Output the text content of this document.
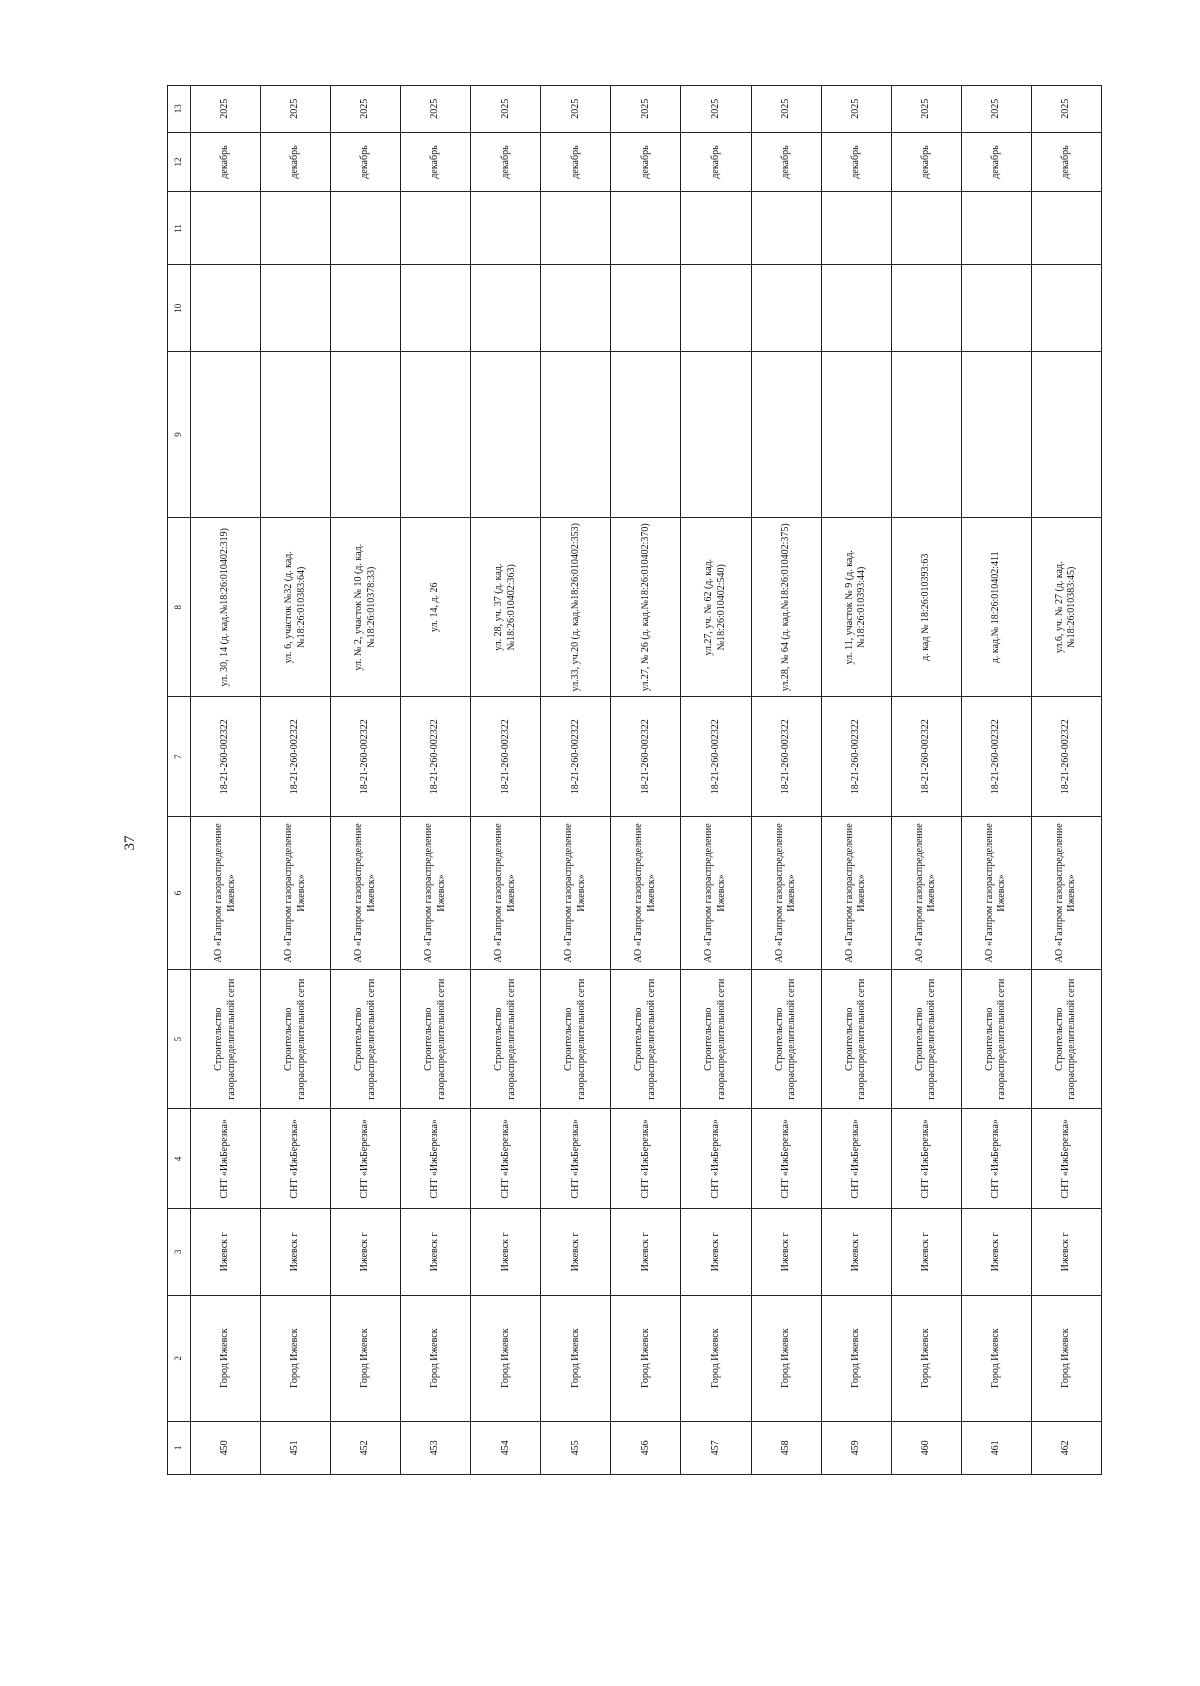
37
1	2	3	4	5	6	7	8	9	10	11	12	13
450	Город Ижевск	Ижевск г	СНТ «ИжБерезка»	Строительство газораспределительной сети	АО «Газпром газораспределение Ижевск»	18-21-260-002322	ул. 30, 14 (д. кад.№18:26:010402:319)				декабрь	2025
451	Город Ижевск	Ижевск г	СНТ «ИжБерезка»	Строительство газораспределительной сети	АО «Газпром газораспределение Ижевск»	18-21-260-002322	ул. 6, участок №32 (д. кад.№18:26:010383:64)				декабрь	2025
452	Город Ижевск	Ижевск г	СНТ «ИжБерезка»	Строительство газораспределительной сети	АО «Газпром газораспределение Ижевск»	18-21-260-002322	ул. № 2, участок № 10 (д. кад.№18:26:010378:33)				декабрь	2025
453	Город Ижевск	Ижевск г	СНТ «ИжБерезка»	Строительство газораспределительной сети	АО «Газпром газораспределение Ижевск»	18-21-260-002322	ул. 14, д. 26				декабрь	2025
454	Город Ижевск	Ижевск г	СНТ «ИжБерезка»	Строительство газораспределительной сети	АО «Газпром газораспределение Ижевск»	18-21-260-002322	ул. 28, уч. 37 (д. кад.№18:26:010402:363)				декабрь	2025
455	Город Ижевск	Ижевск г	СНТ «ИжБерезка»	Строительство газораспределительной сети	АО «Газпром газораспределение Ижевск»	18-21-260-002322	ул.33, уч.20 (д. кад.№18:26:010402:353)				декабрь	2025
456	Город Ижевск	Ижевск г	СНТ «ИжБерезка»	Строительство газораспределительной сети	АО «Газпром газораспределение Ижевск»	18-21-260-002322	ул.27, № 26 (д. кад.№18:26:010402:370)				декабрь	2025
457	Город Ижевск	Ижевск г	СНТ «ИжБерезка»	Строительство газораспределительной сети	АО «Газпром газораспределение Ижевск»	18-21-260-002322	ул.27, уч. № 62 (д. кад.№18:26:010402:540)				декабрь	2025
458	Город Ижевск	Ижевск г	СНТ «ИжБерезка»	Строительство газораспределительной сети	АО «Газпром газораспределение Ижевск»	18-21-260-002322	ул.28, № 64 (д. кад.№18:26:010402:375)				декабрь	2025
459	Город Ижевск	Ижевск г	СНТ «ИжБерезка»	Строительство газораспределительной сети	АО «Газпром газораспределение Ижевск»	18-21-260-002322	ул. 11, участок № 9 (д. кад.№18:26:010393:44)				декабрь	2025
460	Город Ижевск	Ижевск г	СНТ «ИжБерезка»	Строительство газораспределительной сети	АО «Газпром газораспределение Ижевск»	18-21-260-002322	д. кад № 18:26:010393:63				декабрь	2025
461	Город Ижевск	Ижевск г	СНТ «ИжБерезка»	Строительство газораспределительной сети	АО «Газпром газораспределение Ижевск»	18-21-260-002322	д. кад.№ 18:26:010402:411				декабрь	2025
462	Город Ижевск	Ижевск г	СНТ «ИжБерезка»	Строительство газораспределительной сети	АО «Газпром газораспределение Ижевск»	18-21-260-002322	ул.6, уч. № 27 (д. кад.№18:26:010383:45)				декабрь	2025
